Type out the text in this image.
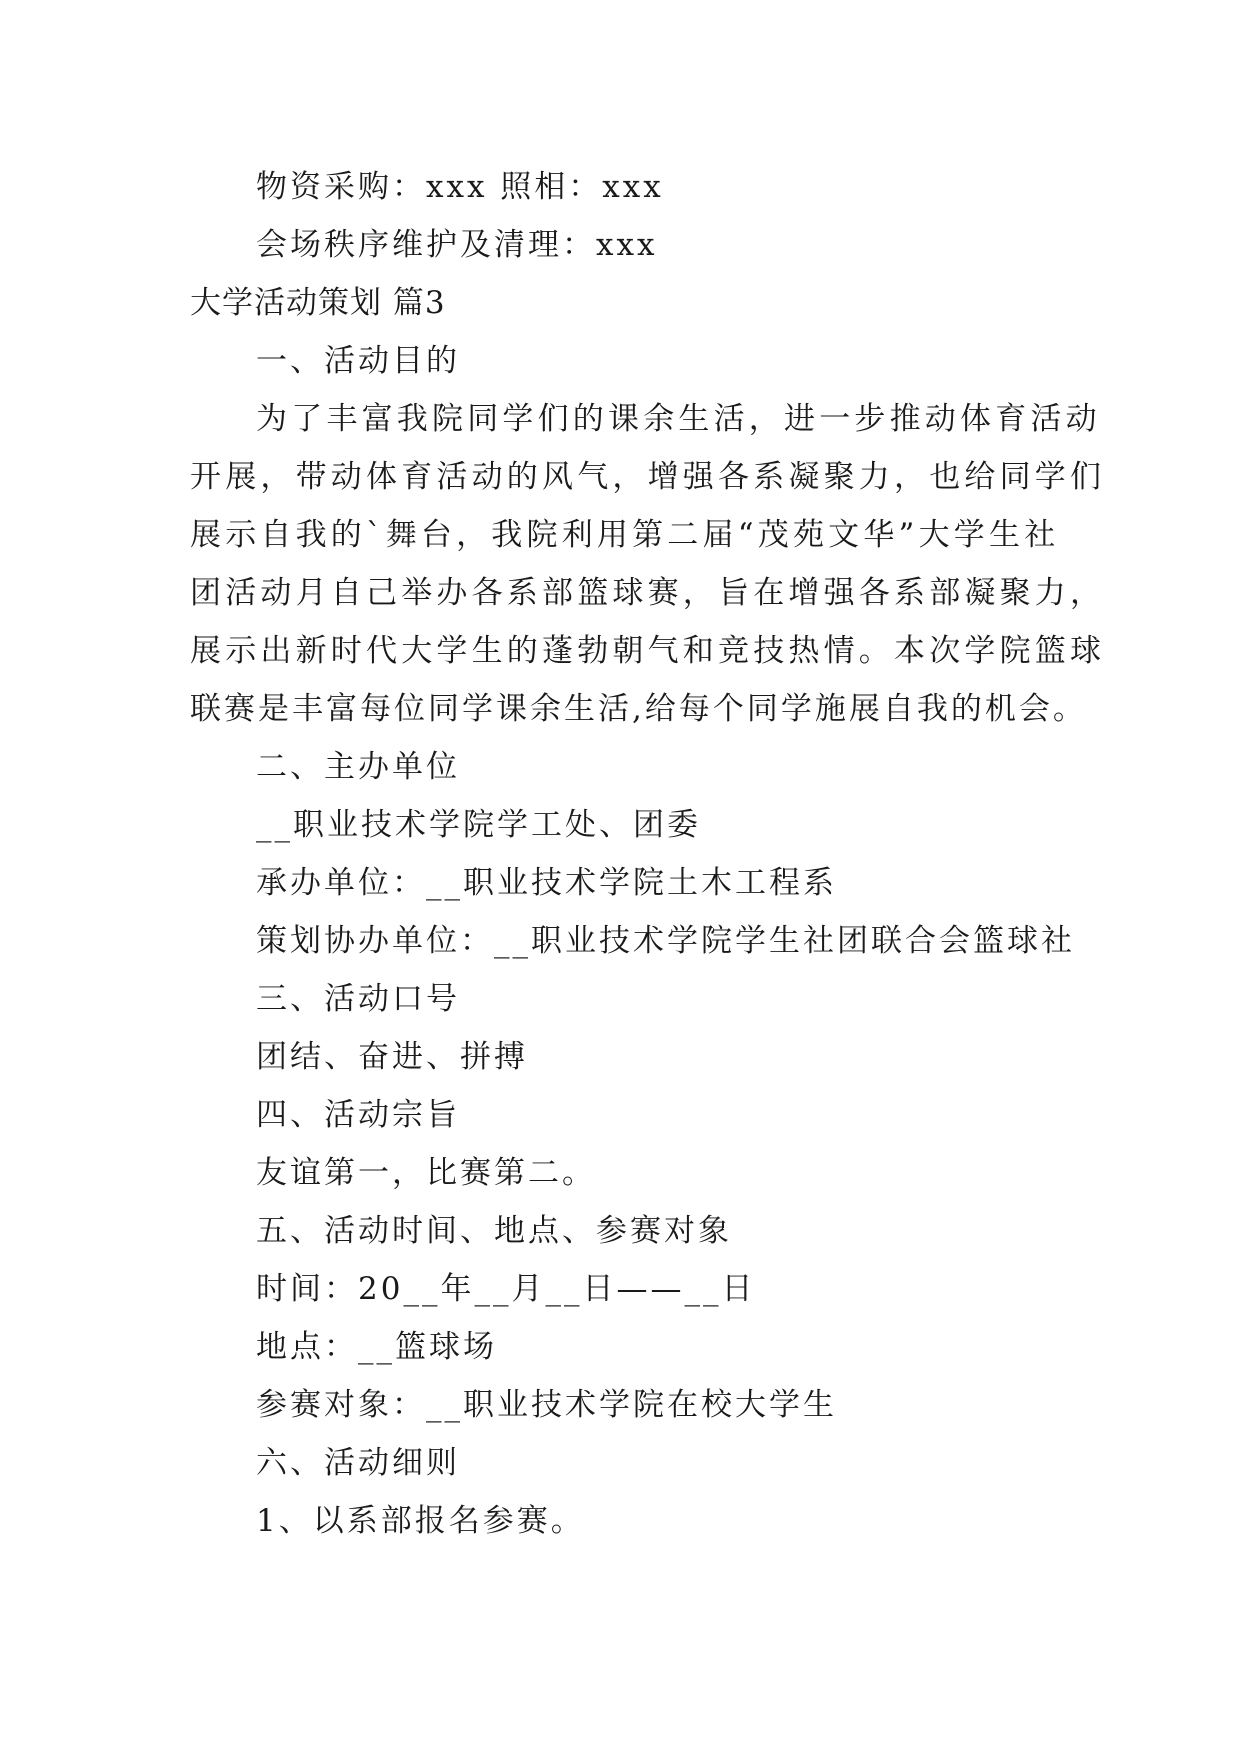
物资采购：xxx 照相：xxx
会场秩序维护及清理：xxx
大学活动策划 篇3
一、活动目的
为了丰富我院同学们的课余生活，进一步推动体育活动
开展，带动体育活动的风气，增强各系凝聚力，也给同学们
展示自我的`舞台，我院利用第二届“茂苑文华”大学生社
团活动月自己举办各系部篮球赛，旨在增强各系部凝聚力，
展示出新时代大学生的蓬勃朝气和竞技热情。本次学院篮球
联赛是丰富每位同学课余生活,给每个同学施展自我的机会。
二、主办单位
__职业技术学院学工处、团委
承办单位：__职业技术学院土木工程系
策划协办单位：__职业技术学院学生社团联合会篮球社
三、活动口号
团结、奋进、拼搏
四、活动宗旨
友谊第一，比赛第二。
五、活动时间、地点、参赛对象
时间：20__年__月__日——__日
地点：__篮球场
参赛对象：__职业技术学院在校大学生
六、活动细则
1、以系部报名参赛。
